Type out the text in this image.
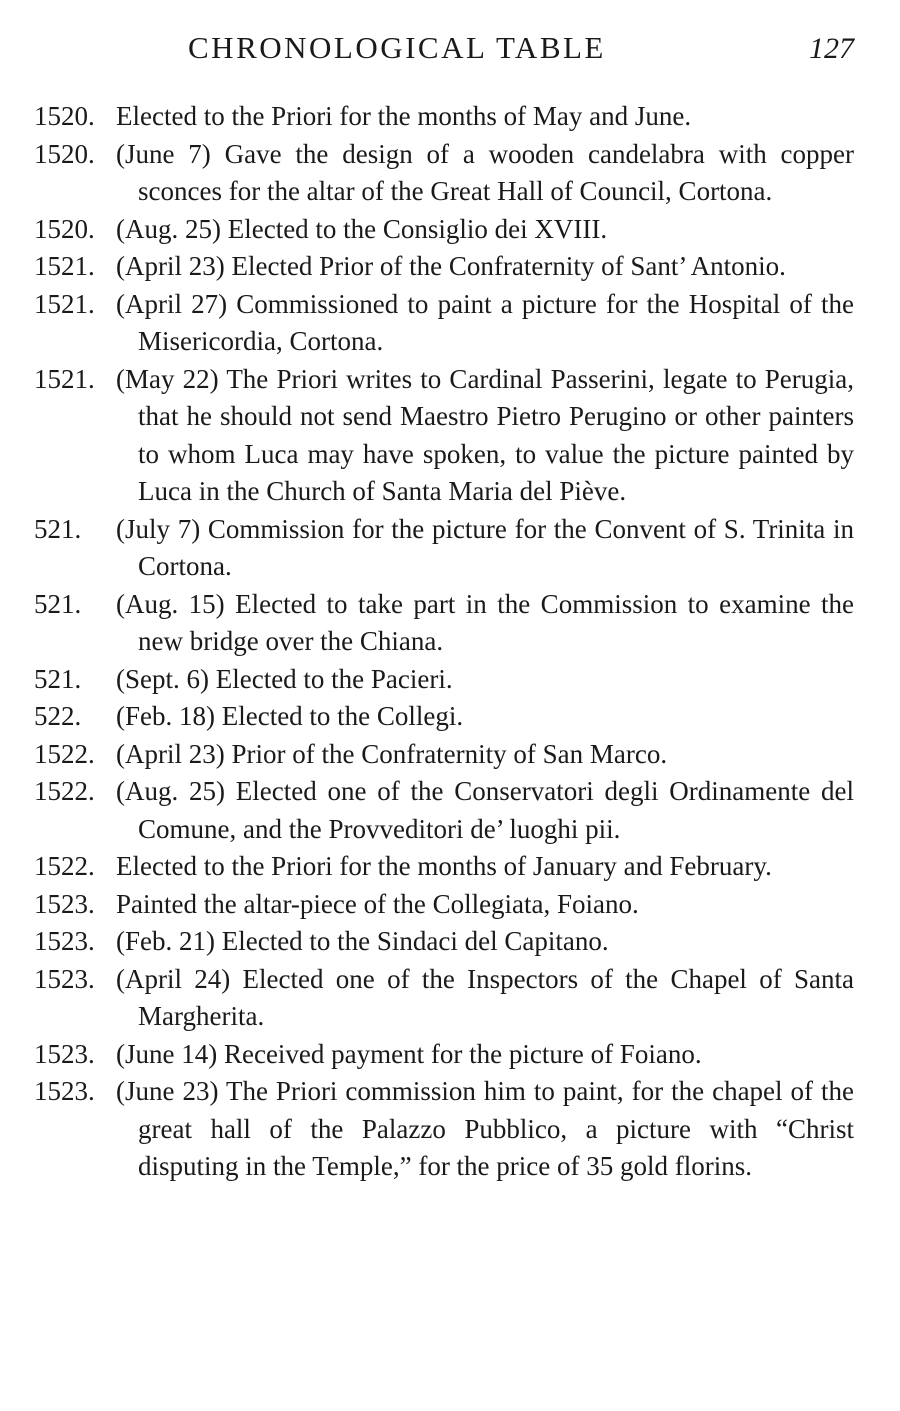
CHRONOLOGICAL TABLE	127
1520. Elected to the Priori for the months of May and June.
1520. (June 7) Gave the design of a wooden candelabra with copper sconces for the altar of the Great Hall of Council, Cortona.
1520. (Aug. 25) Elected to the Consiglio dei XVIII.
1521. (April 23) Elected Prior of the Confraternity of Sant’ Antonio.
1521. (April 27) Commissioned to paint a picture for the Hospital of the Misericordia, Cortona.
1521. (May 22) The Priori writes to Cardinal Passerini, legate to Perugia, that he should not send Maestro Pietro Perugino or other painters to whom Luca may have spoken, to value the picture painted by Luca in the Church of Santa Maria del Piève.
521.	(July 7) Commission for the picture for the Convent of S. Trinita in Cortona.
521.	(Aug. 15) Elected to take part in the Commission to examine the new bridge over the Chiana.
521.	(Sept. 6) Elected to the Pacieri.
522.	(Feb. 18) Elected to the Collegi.
1522. (April 23) Prior of the Confraternity of San Marco.
1522. (Aug. 25) Elected one of the Conservatori degli Ordinamente del Comune, and the Provveditori de’ luoghi pii.
1522. Elected to the Priori for the months of January and February.
1523. Painted the altar-piece of the Collegiata, Foiano.
1523. (Feb. 21) Elected to the Sindaci del Capitano.
1523. (April 24) Elected one of the Inspectors of the Chapel of Santa Margherita.
1523. (June 14) Received payment for the picture of Foiano.
1523. (June 23) The Priori commission him to paint, for the chapel of the great hall of the Palazzo Pubblico, a picture with “Christ disputing in the Temple,” for the price of 35 gold florins.
